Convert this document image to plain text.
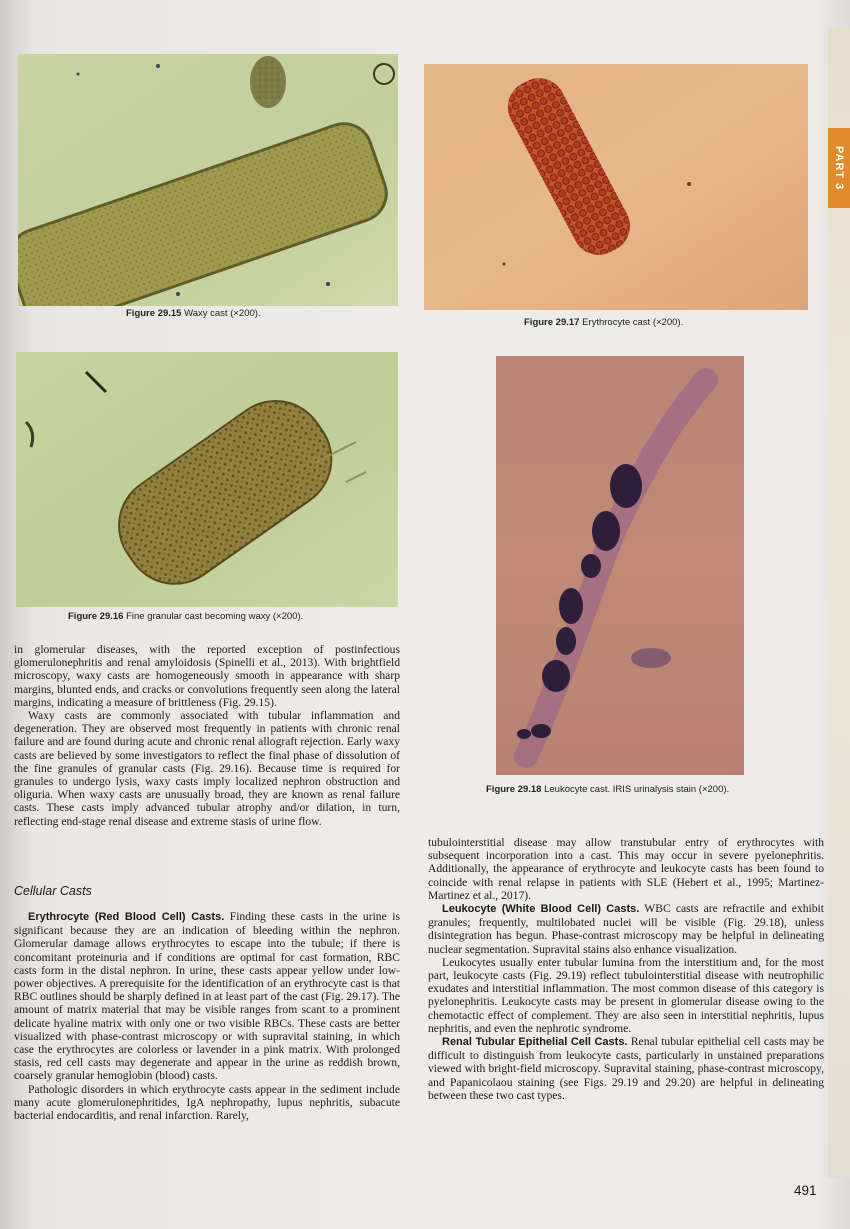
PART 3
Figure 29.15 Waxy cast (×200).
Figure 29.17 Erythrocyte cast (×200).
Figure 29.16 Fine granular cast becoming waxy (×200).
Figure 29.18 Leukocyte cast. IRIS urinalysis stain (×200).

in glomerular diseases, with the reported exception of postinfectious glomerulonephritis and renal amyloidosis (Spinelli et al., 2013). With brightfield microscopy, waxy casts are homogeneously smooth in appearance with sharp margins, blunted ends, and cracks or convolutions frequently seen along the lateral margins, indicating a measure of brittleness (Fig. 29.15).

Waxy casts are commonly associated with tubular inflammation and degeneration. They are observed most frequently in patients with chronic renal failure and are found during acute and chronic renal allograft rejection. Early waxy casts are believed by some investigators to reflect the final phase of dissolution of the fine granules of granular casts (Fig. 29.16). Because time is required for granules to undergo lysis, waxy casts imply localized nephron obstruction and oliguria. When waxy casts are unusually broad, they are known as renal failure casts. These casts imply advanced tubular atrophy and/or dilation, in turn, reflecting end-stage renal disease and extreme stasis of urine flow.

Cellular Casts

Erythrocyte (Red Blood Cell) Casts. Finding these casts in the urine is significant because they are an indication of bleeding within the nephron. Glomerular damage allows erythrocytes to escape into the tubule; if there is concomitant proteinuria and if conditions are optimal for cast formation, RBC casts form in the distal nephron. In urine, these casts appear yellow under low-power objectives. A prerequisite for the identification of an erythrocyte cast is that RBC outlines should be sharply defined in at least part of the cast (Fig. 29.17). The amount of matrix material that may be visible ranges from scant to a prominent delicate hyaline matrix with only one or two visible RBCs. These casts are better visualized with phase-contrast microscopy or with supravital staining, in which case the erythrocytes are colorless or lavender in a pink matrix. With prolonged stasis, red cell casts may degenerate and appear in the urine as reddish brown, coarsely granular hemoglobin (blood) casts.

Pathologic disorders in which erythrocyte casts appear in the sediment include many acute glomerulonephritides, IgA nephropathy, lupus nephritis, subacute bacterial endocarditis, and renal infarction. Rarely,

tubulointerstitial disease may allow transtubular entry of erythrocytes with subsequent incorporation into a cast. This may occur in severe pyelonephritis. Additionally, the appearance of erythrocyte and leukocyte casts has been found to coincide with renal relapse in patients with SLE (Hebert et al., 1995; Martinez-Martinez et al., 2017).

Leukocyte (White Blood Cell) Casts. WBC casts are refractile and exhibit granules; frequently, multilobated nuclei will be visible (Fig. 29.18), unless disintegration has begun. Phase-contrast microscopy may be helpful in delineating nuclear segmentation. Supravital stains also enhance visualization.

Leukocytes usually enter tubular lumina from the interstitium and, for the most part, leukocyte casts (Fig. 29.19) reflect tubulointerstitial disease with neutrophilic exudates and interstitial inflammation. The most common disease of this category is pyelonephritis. Leukocyte casts may be present in glomerular disease owing to the chemotactic effect of complement. They are also seen in interstitial nephritis, lupus nephritis, and even the nephrotic syndrome.

Renal Tubular Epithelial Cell Casts. Renal tubular epithelial cell casts may be difficult to distinguish from leukocyte casts, particularly in unstained preparations viewed with bright-field microscopy. Supravital staining, phase-contrast microscopy, and Papanicolaou staining (see Figs. 29.19 and 29.20) are helpful in delineating between these two cast types.

491
